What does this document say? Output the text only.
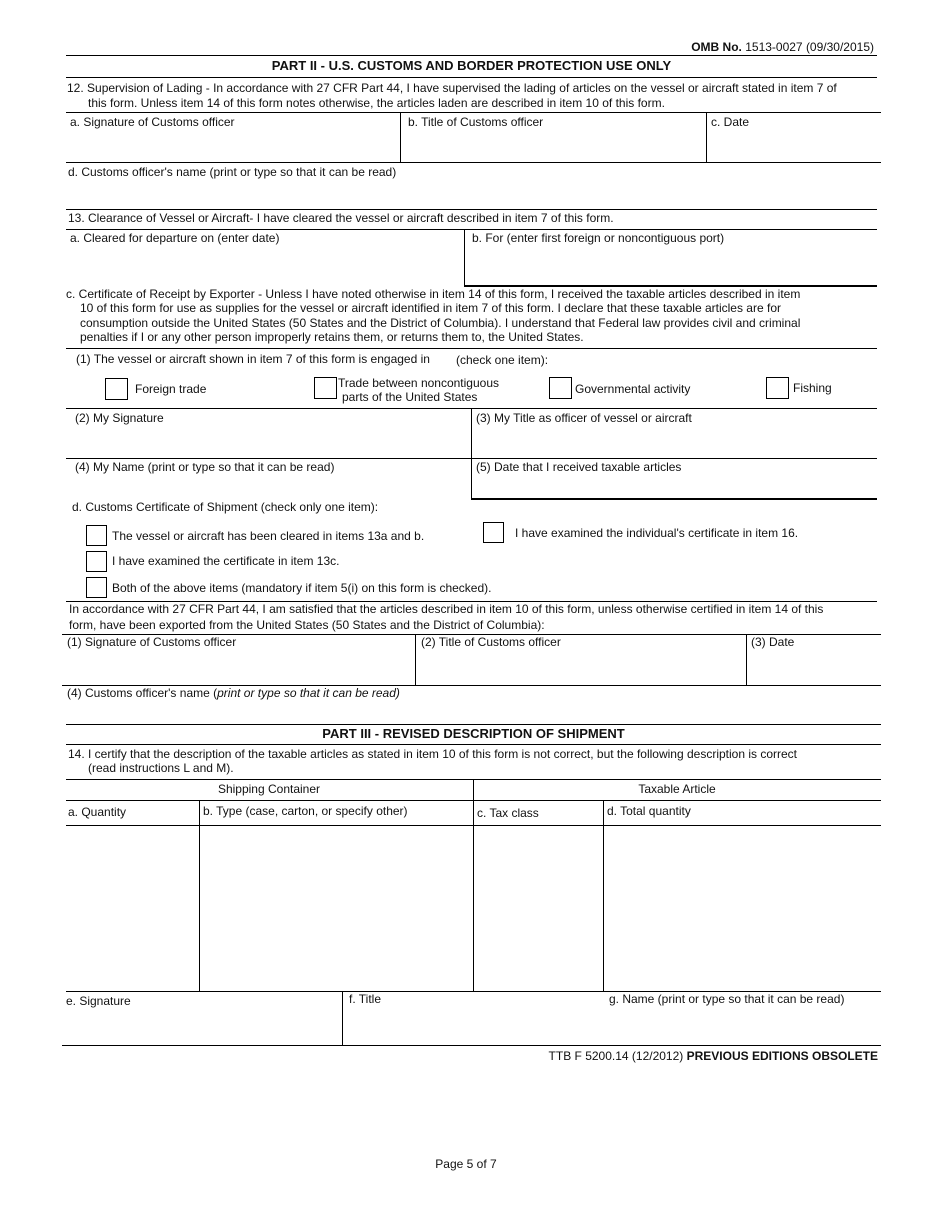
OMB No. 1513-0027 (09/30/2015)
PART II - U.S. CUSTOMS AND BORDER PROTECTION USE ONLY
12. Supervision of Lading - In accordance with 27 CFR Part 44, I have supervised the lading of articles on the vessel or aircraft stated in item 7 of
this form. Unless item 14 of this form notes otherwise, the articles laden are described in item 10 of this form.
a. Signature of Customs officer	b. Title of Customs officer	c. Date
d. Customs officer's name (print or type so that it can be read)
13. Clearance of Vessel or Aircraft- I have cleared the vessel or aircraft described in item 7 of this form.
a. Cleared for departure on (enter date)	b. For (enter first foreign or noncontiguous port)
c. Certificate of Receipt by Exporter - Unless I have noted otherwise in item 14 of this form, I received the taxable articles described in item
10 of this form for use as supplies for the vessel or aircraft identified in item 7 of this form. I declare that these taxable articles are for
consumption outside the United States (50 States and the District of Columbia). I understand that Federal law provides civil and criminal
penalties if I or any other person improperly retains them, or returns them to, the United States.
(1) The vessel or aircraft shown in item 7 of this form is engaged in (check one item):
Foreign trade	Trade between noncontiguous
parts of the United States
Governmental activity	Fishing
(2) My Signature	(3) My Title as officer of vessel or aircraft
(4) My Name (print or type so that it can be read)	(5) Date that I received taxable articles
d. Customs Certificate of Shipment (check only one item):
The vessel or aircraft has been cleared in items 13a and b.	I have examined the individual's certificate in item 16.
I have examined the certificate in item 13c.
Both of the above items (mandatory if item 5(i) on this form is checked).
In accordance with 27 CFR Part 44, I am satisfied that the articles described in item 10 of this form, unless otherwise certified in item 14 of this
form, have been exported from the United States (50 States and the District of Columbia):
(1) Signature of Customs officer	(2) Title of Customs officer	(3) Date
(4) Customs officer's name (print or type so that it can be read)
PART III - REVISED DESCRIPTION OF SHIPMENT
14. I certify that the description of the taxable articles as stated in item 10 of this form is not correct, but the following description is correct
(read instructions L and M).
Shipping Container	Taxable Article
a. Quantity	b. Type (case, carton, or specify other)	c. Tax class	d. Total quantity
e. Signature	f. Title	g. Name (print or type so that it can be read)
TTB F 5200.14 (12/2012) PREVIOUS EDITIONS OBSOLETE
Page 5 of 7
